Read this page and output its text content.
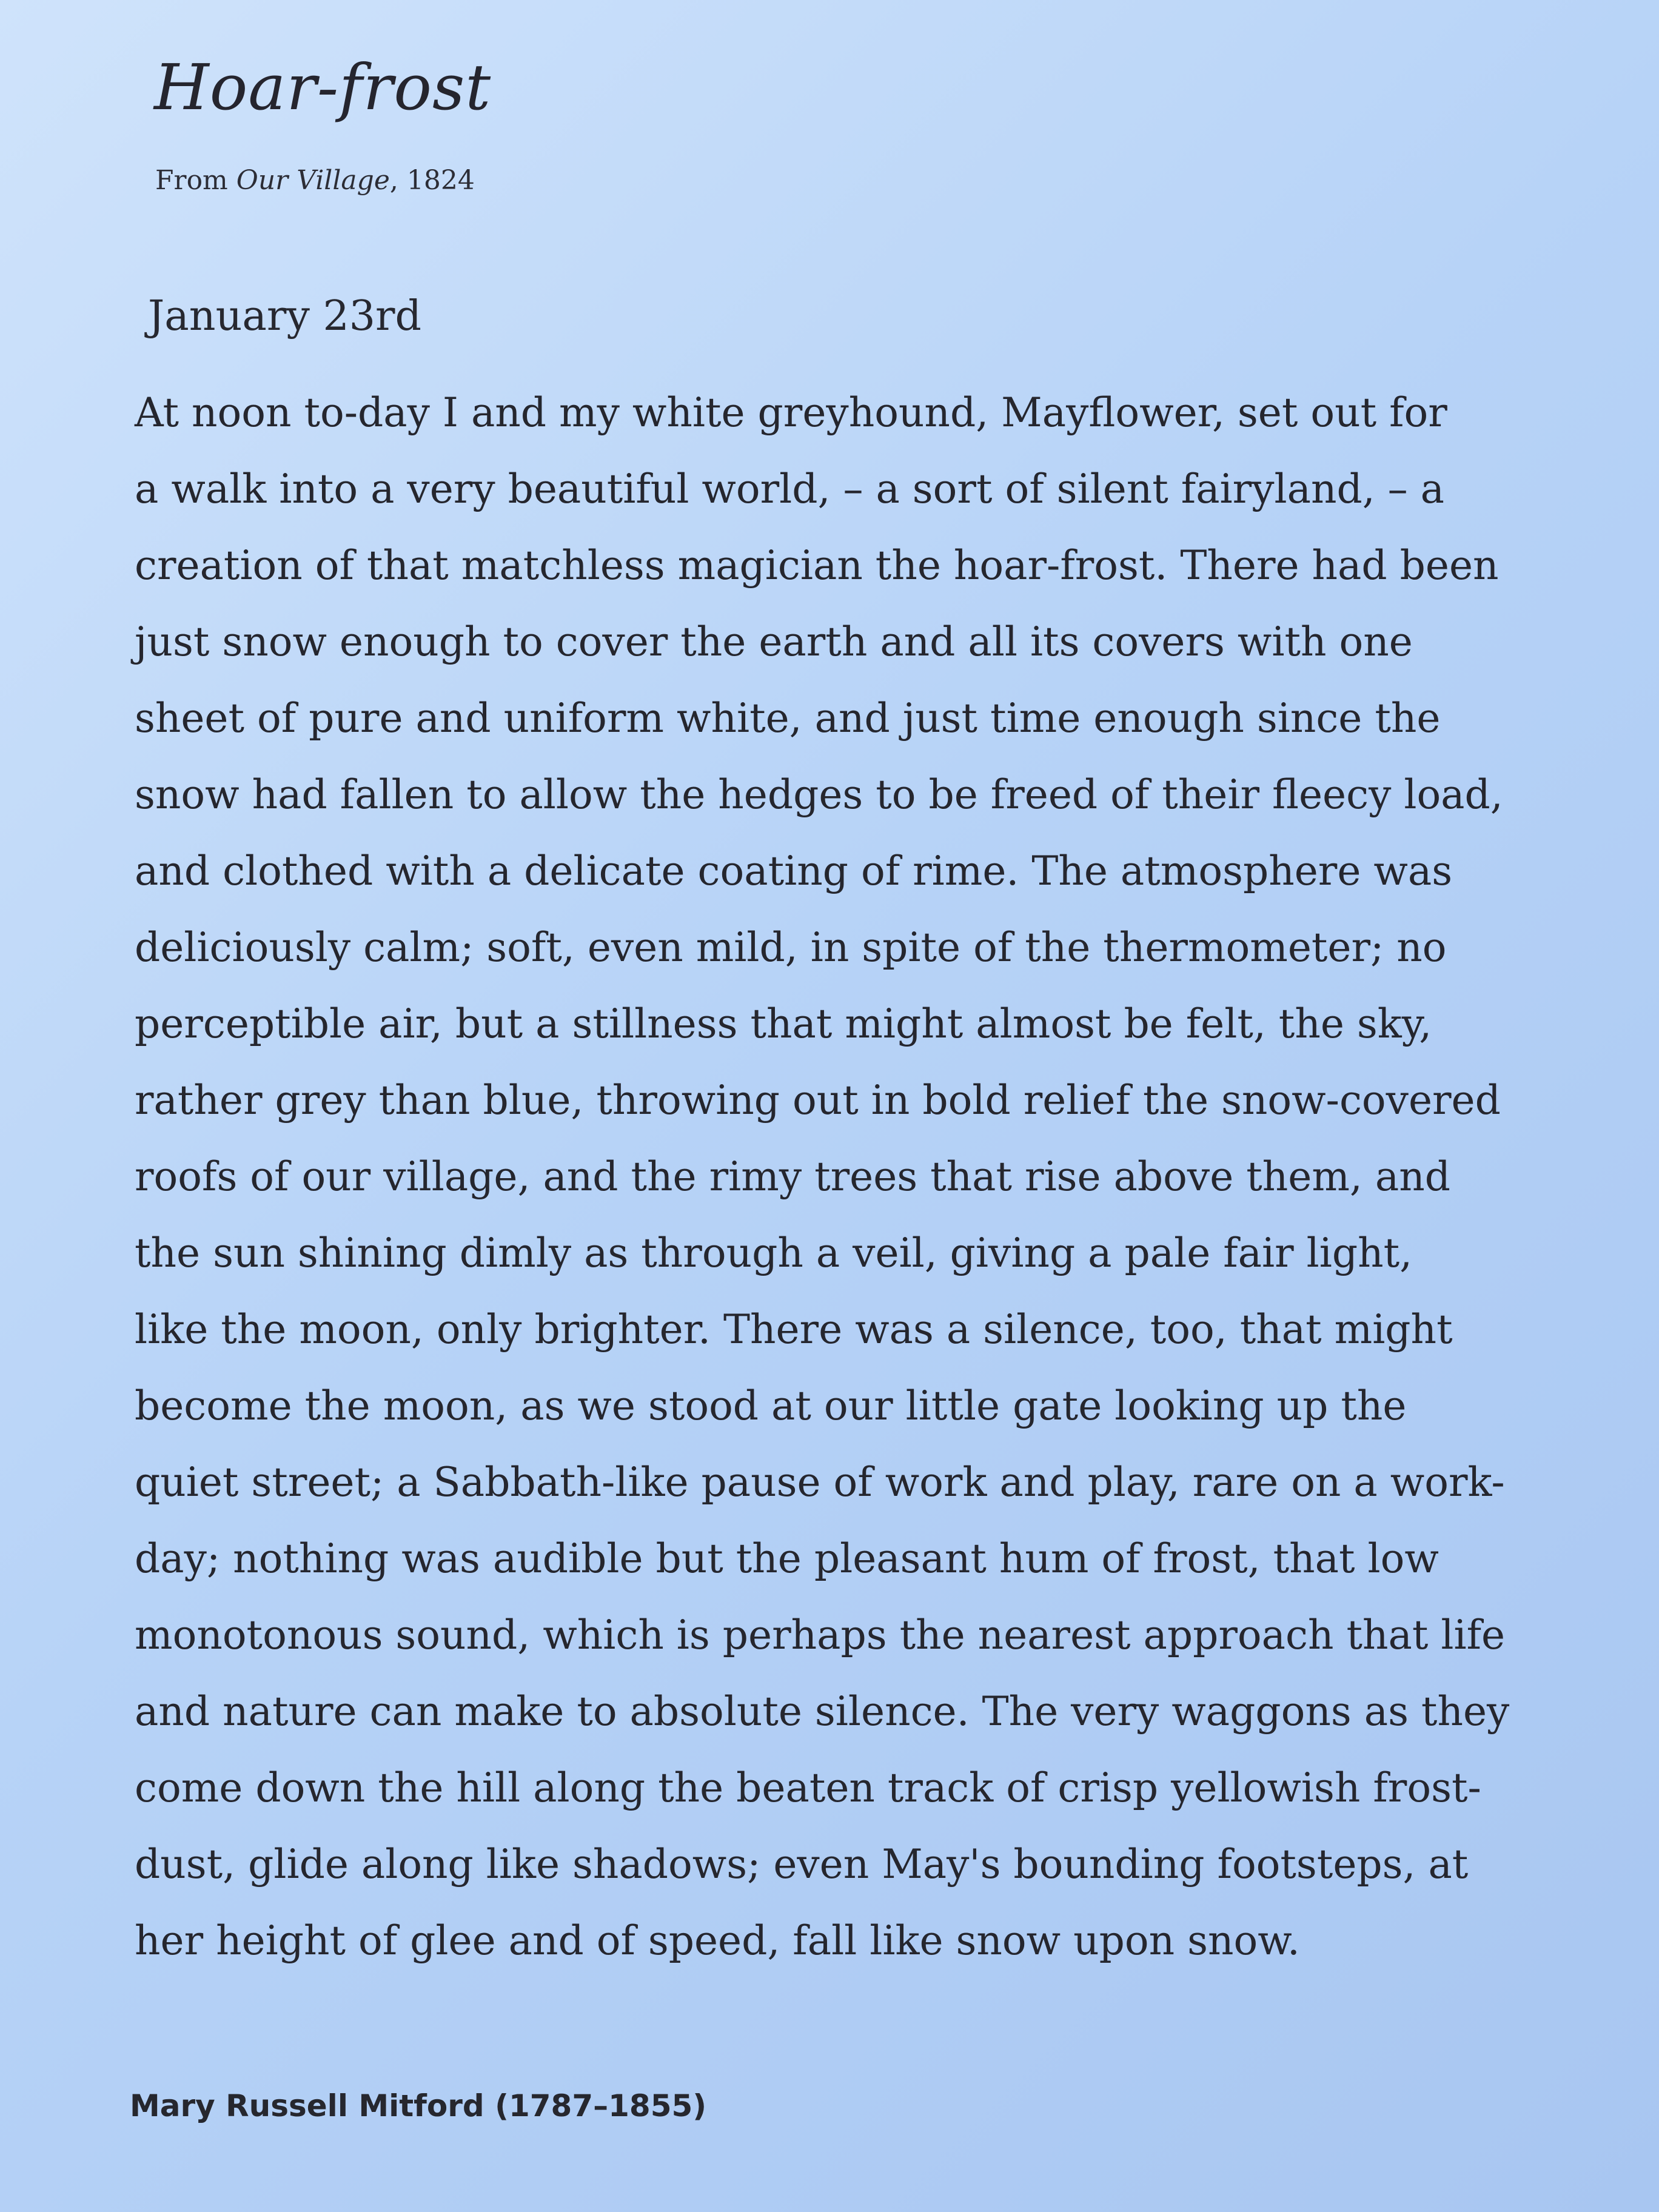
Hoar-frost
From Our Village, 1824
January 23rd
At noon to-day I and my white greyhound, Mayflower, set out for
a walk into a very beautiful world, – a sort of silent fairyland, – a
creation of that matchless magician the hoar-frost. There had been
just snow enough to cover the earth and all its covers with one
sheet of pure and uniform white, and just time enough since the
snow had fallen to allow the hedges to be freed of their fleecy load,
and clothed with a delicate coating of rime. The atmosphere was
deliciously calm; soft, even mild, in spite of the thermometer; no
perceptible air, but a stillness that might almost be felt, the sky,
rather grey than blue, throwing out in bold relief the snow-covered
roofs of our village, and the rimy trees that rise above them, and
the sun shining dimly as through a veil, giving a pale fair light,
like the moon, only brighter. There was a silence, too, that might
become the moon, as we stood at our little gate looking up the
quiet street; a Sabbath-like pause of work and play, rare on a work-
day; nothing was audible but the pleasant hum of frost, that low
monotonous sound, which is perhaps the nearest approach that life
and nature can make to absolute silence. The very waggons as they
come down the hill along the beaten track of crisp yellowish frost-
dust, glide along like shadows; even May's bounding footsteps, at
her height of glee and of speed, fall like snow upon snow.
Mary Russell Mitford (1787–1855)
